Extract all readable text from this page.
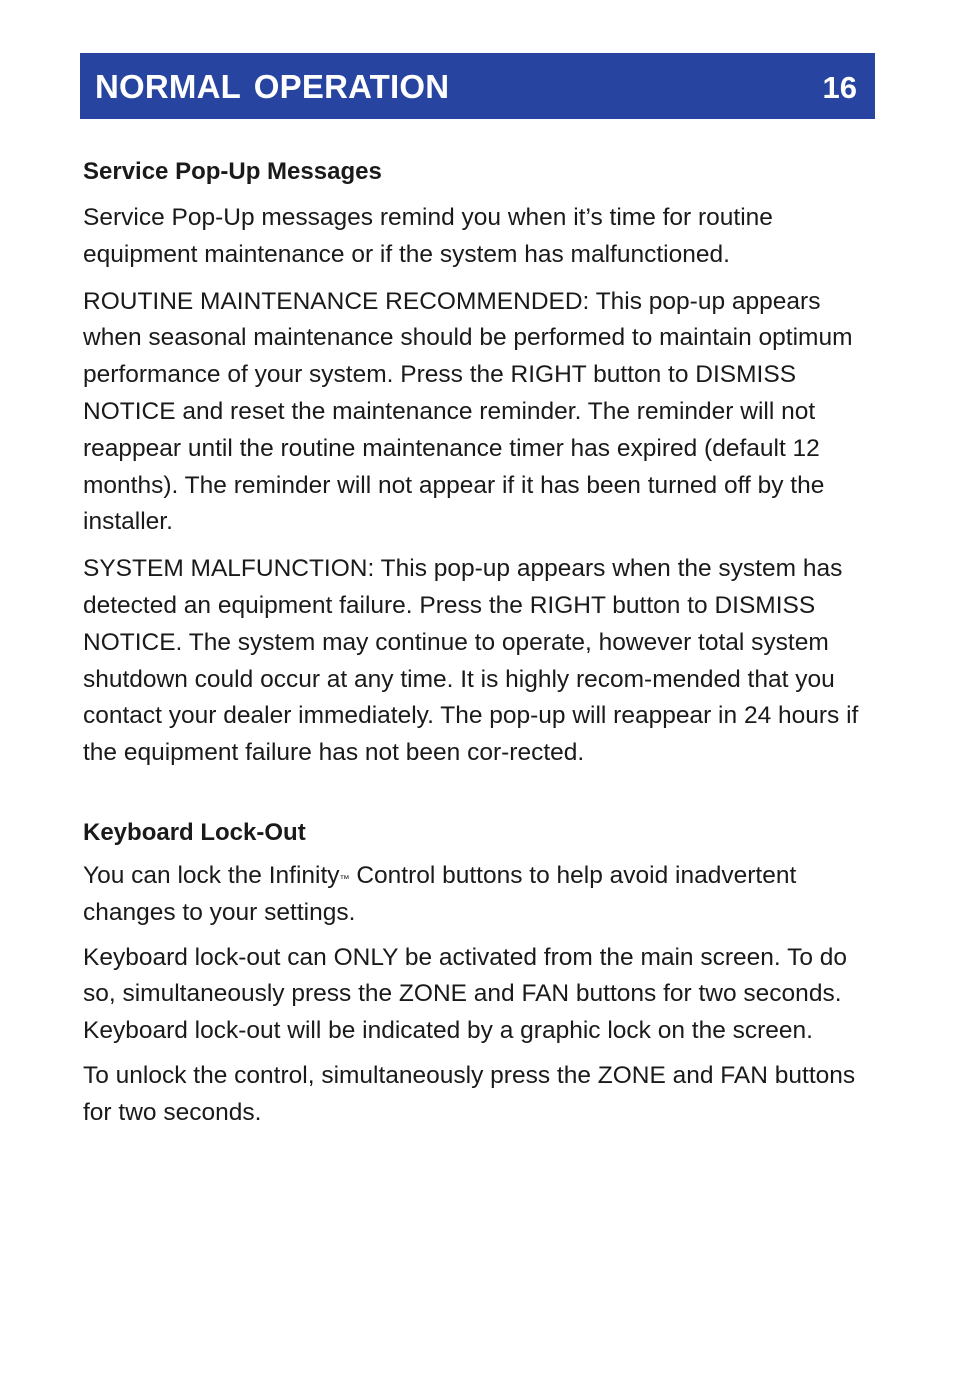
NORMAL OPERATION	16
Service Pop-Up Messages

Service Pop-Up messages remind you when it’s time for routine equipment maintenance or if the system has malfunctioned.

ROUTINE MAINTENANCE RECOMMENDED: This pop-up appears when seasonal maintenance should be performed to maintain optimum performance of your system. Press the RIGHT button to DISMISS NOTICE and reset the maintenance reminder. The reminder will not reappear until the routine maintenance timer has expired (default 12 months). The reminder will not appear if it has been turned off by the installer.

SYSTEM MALFUNCTION: This pop-up appears when the system has detected an equipment failure. Press the RIGHT button to DISMISS NOTICE. The system may continue to operate, however total system shutdown could occur at any time. It is highly recom-mended that you contact your dealer immediately. The pop-up will reappear in 24 hours if the equipment failure has not been cor-rected.

Keyboard Lock-Out

You can lock the Infinity™ Control buttons to help avoid inadvertent changes to your settings.

Keyboard lock-out can ONLY be activated from the main screen. To do so, simultaneously press the ZONE and FAN buttons for two seconds. Keyboard lock-out will be indicated by a graphic lock on the screen.

To unlock the control, simultaneously press the ZONE and FAN buttons for two seconds.
